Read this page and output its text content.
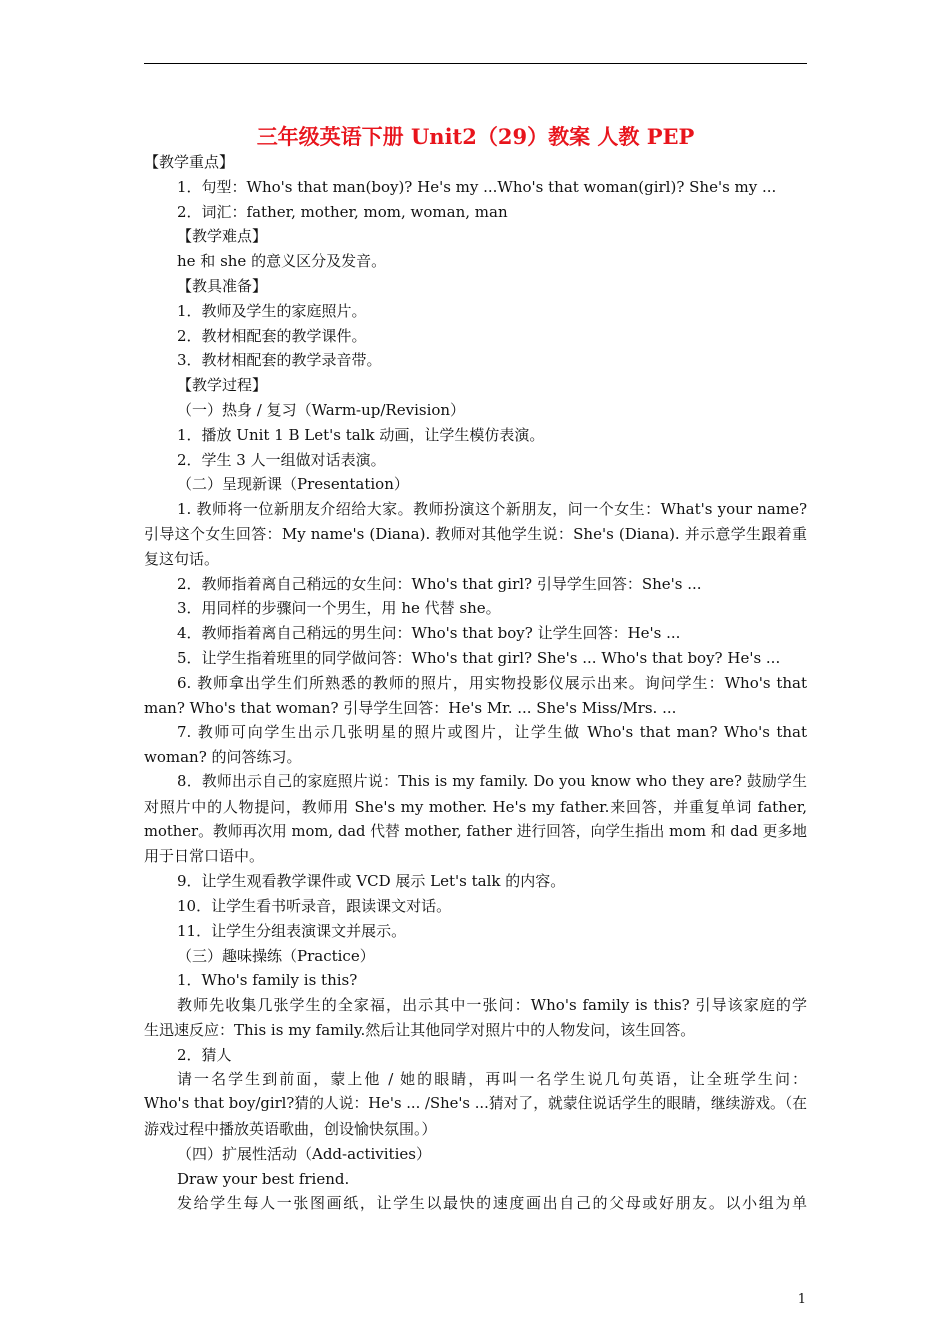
三年级英语下册 Unit2（29）教案 人教 PEP
【教学重点】
1．句型：Who's that man(boy)? He's my ...Who's that woman(girl)? She's my ...
2．词汇：father, mother, mom, woman, man
【教学难点】
he 和 she 的意义区分及发音。
【教具准备】
1．教师及学生的家庭照片。
2．教材相配套的教学课件。
3．教材相配套的教学录音带。
【教学过程】
（一）热身 / 复习（Warm-up/Revision）
1．播放 Unit 1 B Let's talk 动画，让学生模仿表演。
2．学生 3 人一组做对话表演。
（二）呈现新课（Presentation）
1. 教师将一位新朋友介绍给大家。教师扮演这个新朋友，问一个女生：What's your name?
引导这个女生回答：My name's (Diana). 教师对其他学生说：She's (Diana). 并示意学生跟着重
复这句话。
2．教师指着离自己稍远的女生问：Who's that girl? 引导学生回答：She's ...
3．用同样的步骤问一个男生，用 he 代替 she。
4．教师指着离自己稍远的男生问：Who's that boy? 让学生回答：He's ...
5．让学生指着班里的同学做问答：Who's that girl? She's ... Who's that boy? He's ...
6. 教师拿出学生们所熟悉的教师的照片，用实物投影仪展示出来。询问学生：Who's that
man? Who's that woman? 引导学生回答：He's Mr. ... She's Miss/Mrs. ...
7. 教师可向学生出示几张明星的照片或图片，让学生做 Who's that man? Who's that
woman? 的问答练习。
8．教师出示自己的家庭照片说：This is my family. Do you know who they are? 鼓励学生
对照片中的人物提问，教师用 She's my mother. He's my father.来回答，并重复单词 father,
mother。教师再次用 mom, dad 代替 mother, father 进行回答，向学生指出 mom 和 dad 更多地
用于日常口语中。
9．让学生观看教学课件或 VCD 展示 Let's talk 的内容。
10．让学生看书听录音，跟读课文对话。
11．让学生分组表演课文并展示。
（三）趣味操练（Practice）
1．Who's family is this?
教师先收集几张学生的全家福，出示其中一张问：Who's family is this? 引导该家庭的学
生迅速反应：This is my family.然后让其他同学对照片中的人物发问，该生回答。
2．猜人
请一名学生到前面，蒙上他 / 她的眼睛，再叫一名学生说几句英语，让全班学生问：
Who's that boy/girl?猜的人说：He's ... /She's ...猜对了，就蒙住说话学生的眼睛，继续游戏。（在
游戏过程中播放英语歌曲，创设愉快氛围。）
（四）扩展性活动（Add-activities）
Draw your best friend.
发给学生每人一张图画纸，让学生以最快的速度画出自己的父母或好朋友。以小组为单
1
